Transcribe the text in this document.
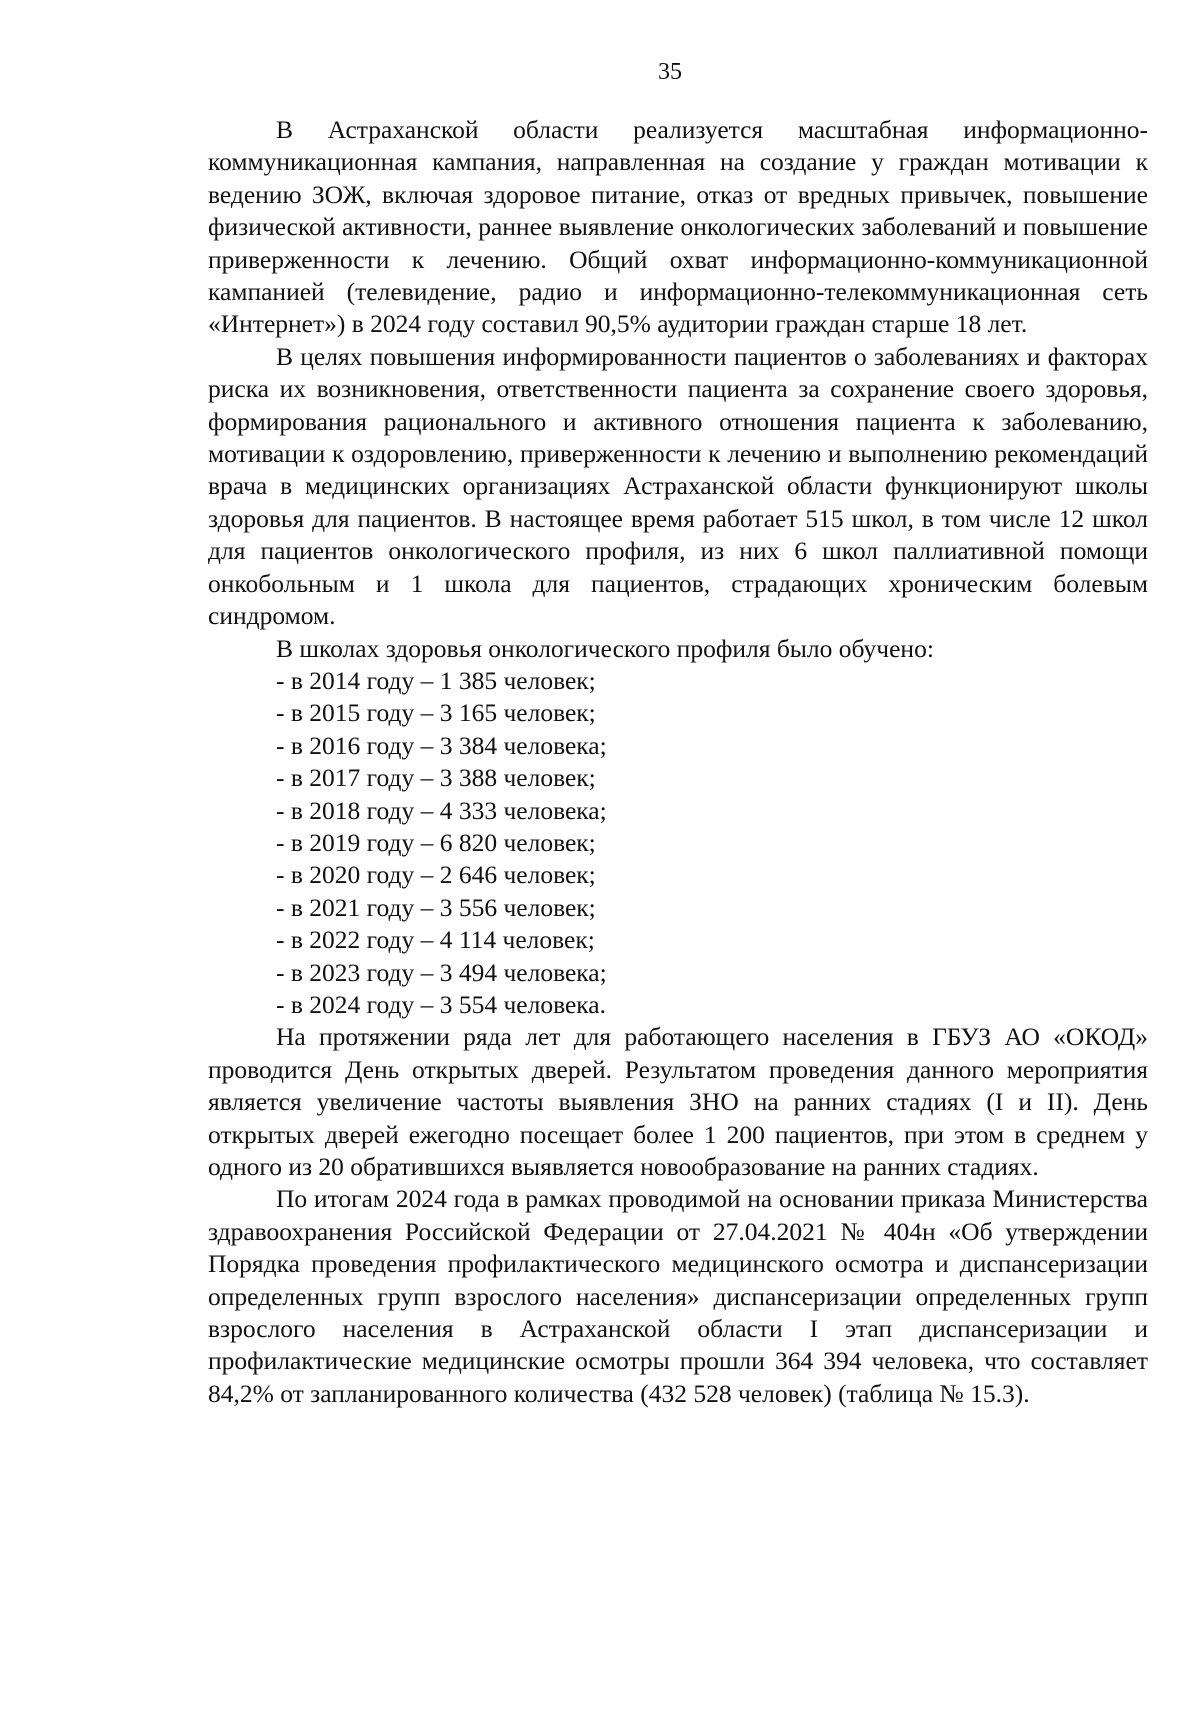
35

В Астраханской области реализуется масштабная информационно-коммуникационная кампания, направленная на создание у граждан мотивации к ведению ЗОЖ, включая здоровое питание, отказ от вредных привычек, повышение физической активности, раннее выявление онкологических заболеваний и повышение приверженности к лечению. Общий охват информационно-коммуникационной кампанией (телевидение, радио и информационно-телекоммуникационная сеть «Интернет») в 2024 году составил 90,5% аудитории граждан старше 18 лет.

В целях повышения информированности пациентов о заболеваниях и факторах риска их возникновения, ответственности пациента за сохранение своего здоровья, формирования рационального и активного отношения пациента к заболеванию, мотивации к оздоровлению, приверженности к лечению и выполнению рекомендаций врача в медицинских организациях Астраханской области функционируют школы здоровья для пациентов. В настоящее время работает 515 школ, в том числе 12 школ для пациентов онкологического профиля, из них 6 школ паллиативной помощи онкобольным и 1 школа для пациентов, страдающих хроническим болевым синдромом.

В школах здоровья онкологического профиля было обучено:

- в 2014 году – 1 385 человек;
- в 2015 году – 3 165 человек;
- в 2016 году – 3 384 человека;
- в 2017 году – 3 388 человек;
- в 2018 году – 4 333 человека;
- в 2019 году – 6 820 человек;
- в 2020 году – 2 646 человек;
- в 2021 году – 3 556 человек;
- в 2022 году – 4 114 человек;
- в 2023 году – 3 494 человека;
- в 2024 году – 3 554 человека.

На протяжении ряда лет для работающего населения в ГБУЗ АО «ОКОД» проводится День открытых дверей. Результатом проведения данного мероприятия является увеличение частоты выявления ЗНО на ранних стадиях (I и II). День открытых дверей ежегодно посещает более 1 200 пациентов, при этом в среднем у одного из 20 обратившихся выявляется новообразование на ранних стадиях.

По итогам 2024 года в рамках проводимой на основании приказа Министерства здравоохранения Российской Федерации от 27.04.2021 № 404н «Об утверждении Порядка проведения профилактического медицинского осмотра и диспансеризации определенных групп взрослого населения» диспансеризации определенных групп взрослого населения в Астраханской области I этап диспансеризации и профилактические медицинские осмотры прошли 364 394 человека, что составляет 84,2% от запланированного количества (432 528 человек) (таблица № 15.3).
